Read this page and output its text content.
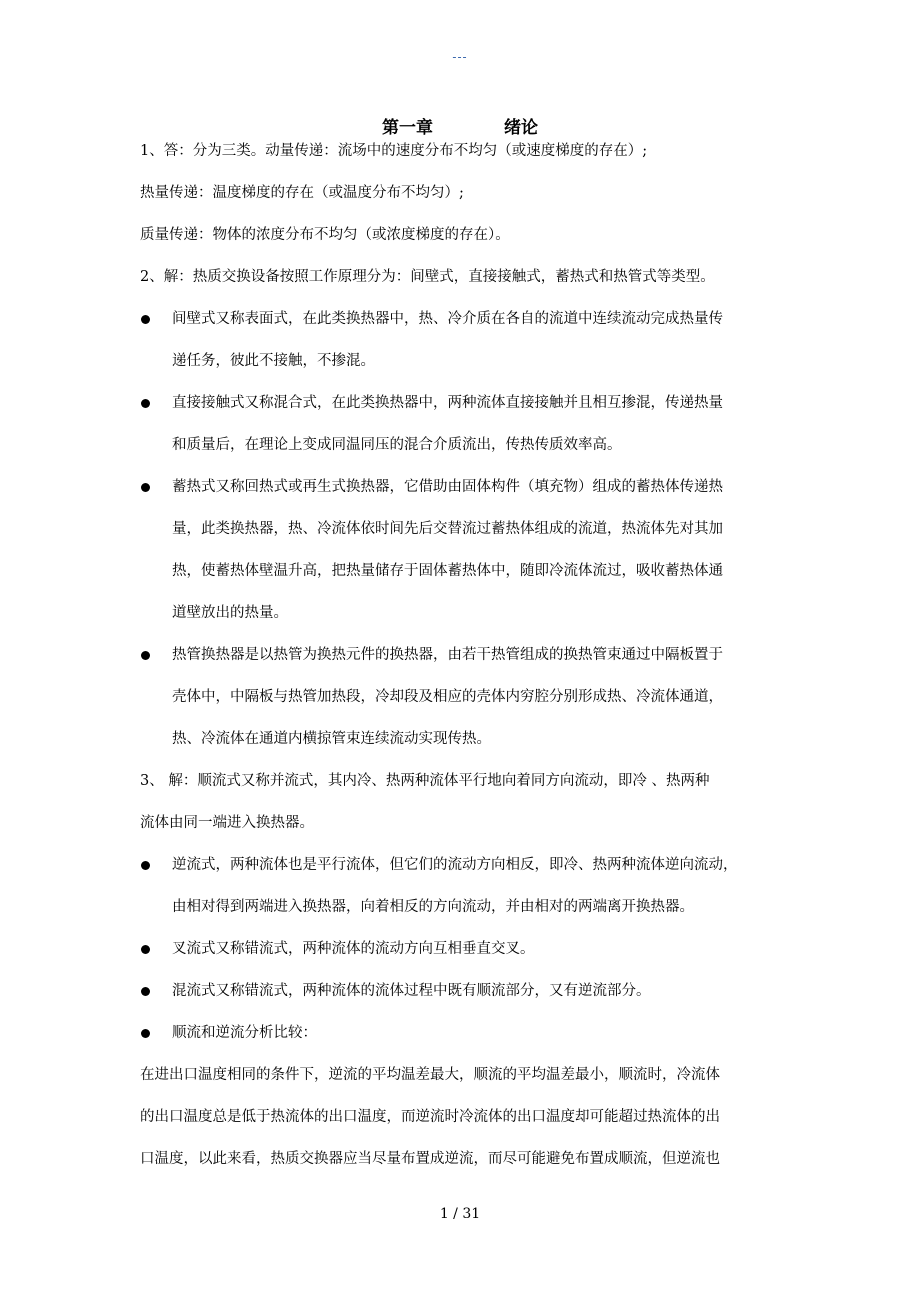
---
第一章            绪论
1、答：分为三类。动量传递：流场中的速度分布不均匀（或速度梯度的存在）;
热量传递：温度梯度的存在（或温度分布不均匀）;
质量传递：物体的浓度分布不均匀（或浓度梯度的存在）。
2、解：热质交换设备按照工作原理分为：间壁式，直接接触式，蓄热式和热管式等类型。
间壁式又称表面式，在此类换热器中，热、冷介质在各自的流道中连续流动完成热量传
递任务，彼此不接触，不掺混。
直接接触式又称混合式，在此类换热器中，两种流体直接接触并且相互掺混，传递热量
和质量后，在理论上变成同温同压的混合介质流出，传热传质效率高。
蓄热式又称回热式或再生式换热器，它借助由固体构件（填充物）组成的蓄热体传递热
量，此类换热器，热、冷流体依时间先后交替流过蓄热体组成的流道，热流体先对其加
热，使蓄热体壁温升高，把热量储存于固体蓄热体中，随即冷流体流过，吸收蓄热体通
道壁放出的热量。
热管换热器是以热管为换热元件的换热器，由若干热管组成的换热管束通过中隔板置于
壳体中，中隔板与热管加热段，冷却段及相应的壳体内穷腔分别形成热、冷流体通道，
热、冷流体在通道内横掠管束连续流动实现传热。
3、 解：顺流式又称并流式，其内冷、热两种流体平行地向着同方向流动，即冷 、热两种
流体由同一端进入换热器。
逆流式，两种流体也是平行流体，但它们的流动方向相反，即冷、热两种流体逆向流动，
由相对得到两端进入换热器，向着相反的方向流动，并由相对的两端离开换热器。
叉流式又称错流式，两种流体的流动方向互相垂直交叉。
混流式又称错流式，两种流体的流体过程中既有顺流部分，又有逆流部分。
顺流和逆流分析比较：
在进出口温度相同的条件下，逆流的平均温差最大，顺流的平均温差最小，顺流时，冷流体
的出口温度总是低于热流体的出口温度，而逆流时冷流体的出口温度却可能超过热流体的出
口温度，以此来看，热质交换器应当尽量布置成逆流，而尽可能避免布置成顺流，但逆流也
1 / 31
